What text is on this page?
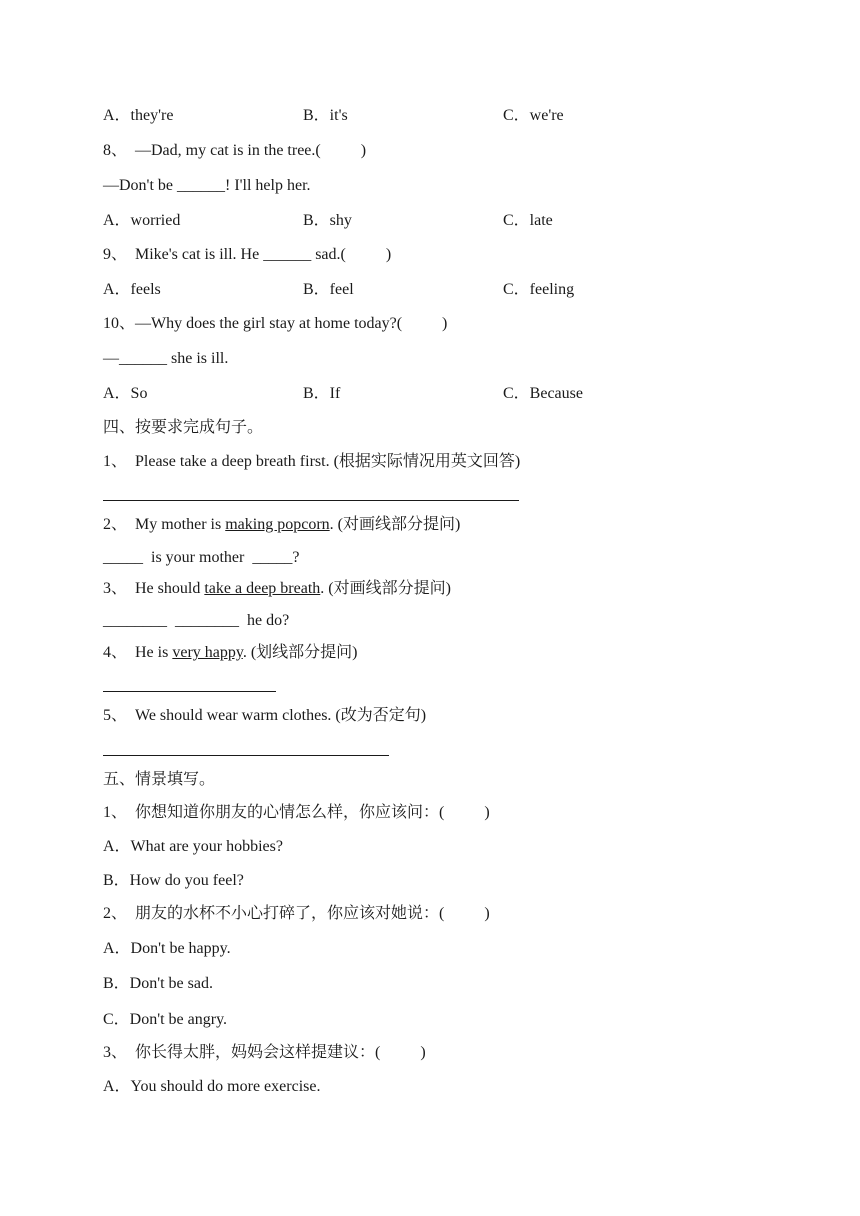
A．they're	B．it's	C．we're
8、  —Dad, my cat is in the tree.(          )
—Don't be ______! I'll help her.
A．worried	B．shy	C．late
9、  Mike's cat is ill. He ______ sad.(          )
A．feels	B．feel	C．feeling
10、—Why does the girl stay at home today?(          )
—______ she is ill.
A．So	B．If	C．Because
四、按要求完成句子。
1、  Please take a deep breath first. (根据实际情况用英文回答)
2、  My mother is making popcorn. (对画线部分提问)
_____  is your mother  _____?
3、  He should take a deep breath. (对画线部分提问)
________  ________  he do?
4、  He is very happy. (划线部分提问)
5、  We should wear warm clothes. (改为否定句)
五、情景填写。
1、  你想知道你朋友的心情怎么样，你应该问：(          )
A．What are your hobbies?
B．How do you feel?
2、  朋友的水杯不小心打碎了，你应该对她说：(          )
A．Don't be happy.
B．Don't be sad.
C．Don't be angry.
3、  你长得太胖，妈妈会这样提建议：(          )
A．You should do more exercise.
